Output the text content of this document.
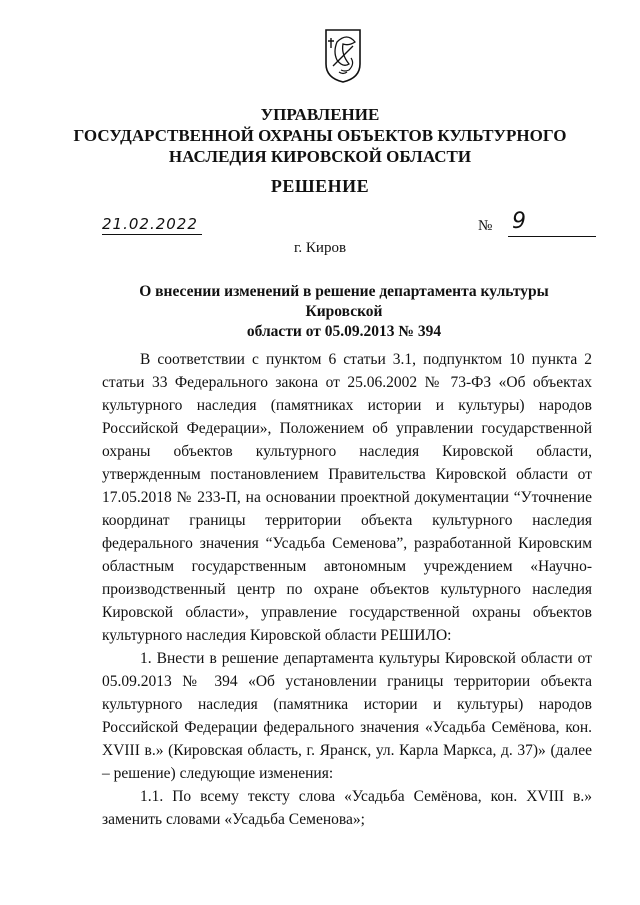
УПРАВЛЕНИЕ
ГОСУДАРСТВЕННОЙ ОХРАНЫ ОБЪЕКТОВ КУЛЬТУРНОГО
НАСЛЕДИЯ КИРОВСКОЙ ОБЛАСТИ
РЕШЕНИЕ
21.02.2022	№ 9
г. Киров
О внесении изменений в решение департамента культуры Кировской
области от 05.09.2013 № 394

В соответствии с пунктом 6 статьи 3.1, подпунктом 10 пункта 2 статьи 33 Федерального закона от 25.06.2002 № 73-ФЗ «Об объектах культурного наследия (памятниках истории и культуры) народов Российской Федерации», Положением об управлении государственной охраны объектов культурного наследия Кировской области, утвержденным постановлением Правительства Кировской области от 17.05.2018 № 233-П, на основании проектной документации “Уточнение координат границы территории объекта культурного наследия федерального значения “Усадьба Семенова”, разработанной Кировским областным государственным автономным учреждением «Научно-производственный центр по охране объектов культурного наследия Кировской области», управление государственной охраны объектов культурного наследия Кировской области РЕШИЛО:

1. Внести в решение департамента культуры Кировской области от 05.09.2013 № 394 «Об установлении границы территории объекта культурного наследия (памятника истории и культуры) народов Российской Федерации федерального значения «Усадьба Семёнова, кон. XVIII в.» (Кировская область, г. Яранск, ул. Карла Маркса, д. 37)» (далее – решение) следующие изменения:

1.1. По всему тексту слова «Усадьба Семёнова, кон. XVIII в.» заменить словами «Усадьба Семенова»;
